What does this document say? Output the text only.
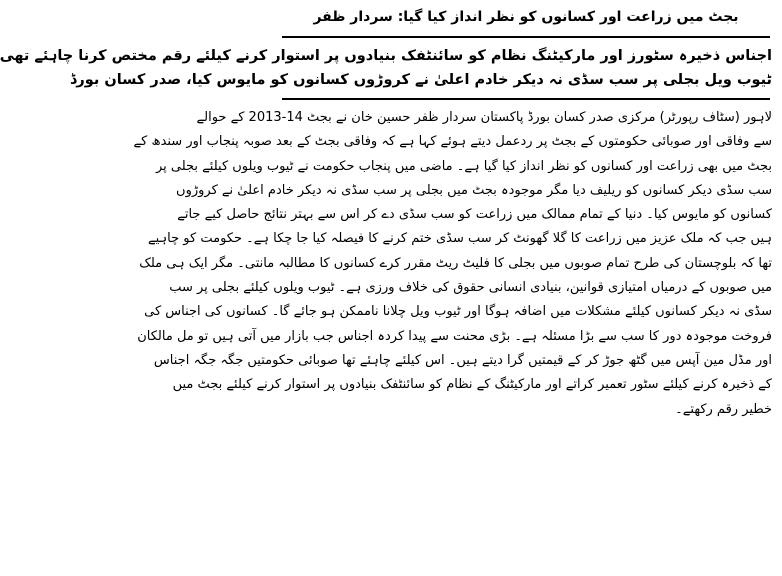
بجٹ میں زراعت اور کسانوں کو نظر انداز کیا گیا: سردار ظفر
اجناس ذخیرہ سٹورز اور مارکیٹنگ نظام کو سائنٹفک بنیادوں پر استوار کرنے کیلئے رقم مختص کرنا چاہئے تھی
ٹیوب ویل بجلی پر سب سڈی نہ دیکر خادم اعلیٰ نے کروڑوں کسانوں کو مایوس کیا، صدر کسان بورڈ
لاہور (سٹاف رپورٹر) مرکزی صدر کسان بورڈ پاکستان سردار ظفر حسین خان نے بجٹ 14-2013 کے حوالے
سے وفاقی اور صوبائی حکومتوں کے بجٹ پر ردعمل دیتے ہوئے کہا ہے کہ وفاقی بجٹ کے بعد صوبہ پنجاب اور سندھ کے
بجٹ میں بھی زراعت اور کسانوں کو نظر انداز کیا گیا ہے۔ ماضی میں پنجاب حکومت نے ٹیوب ویلوں کیلئے بجلی پر
سب سڈی دیکر کسانوں کو ریلیف دیا مگر موجودہ بجٹ میں بجلی پر سب سڈی نہ دیکر خادم اعلیٰ نے کروڑوں
کسانوں کو مایوس کیا۔ دنیا کے تمام ممالک میں زراعت کو سب سڈی دے کر اس سے بہتر نتائج حاصل کیے جاتے
ہیں جب کہ ملک عزیز میں زراعت کا گلا گھونٹ کر سب سڈی ختم کرنے کا فیصلہ کیا جا چکا ہے۔ حکومت کو چاہیے
تھا کہ بلوچستان کی طرح تمام صوبوں میں بجلی کا فلیٹ ریٹ مقرر کرے کسانوں کا مطالبہ مانتی۔ مگر ایک ہی ملک
میں صوبوں کے درمیاں امتیازی قوانین، بنیادی انسانی حقوق کی خلاف ورزی ہے۔ ٹیوب ویلوں کیلئے بجلی پر سب
سڈی نہ دیکر کسانوں کیلئے مشکلات میں اضافہ ہوگا اور ٹیوب ویل چلانا ناممکن ہو جائے گا۔ کسانوں کی اجناس کی
فروخت موجودہ دور کا سب سے بڑا مسئلہ ہے۔ بڑی محنت سے پیدا کردہ اجناس جب بازار میں آتی ہیں تو مل مالکان
اور مڈل مین آپس میں گٹھ جوڑ کر کے قیمتیں گرا دیتے ہیں۔ اس کیلئے چاہئے تھا صوبائی حکومتیں جگہ جگہ اجناس
کے ذخیرہ کرنے کیلئے سٹور تعمیر کراتے اور مارکیٹنگ کے نظام کو سائنٹفک بنیادوں پر استوار کرنے کیلئے بجٹ میں
خطیر رقم رکھتے۔
